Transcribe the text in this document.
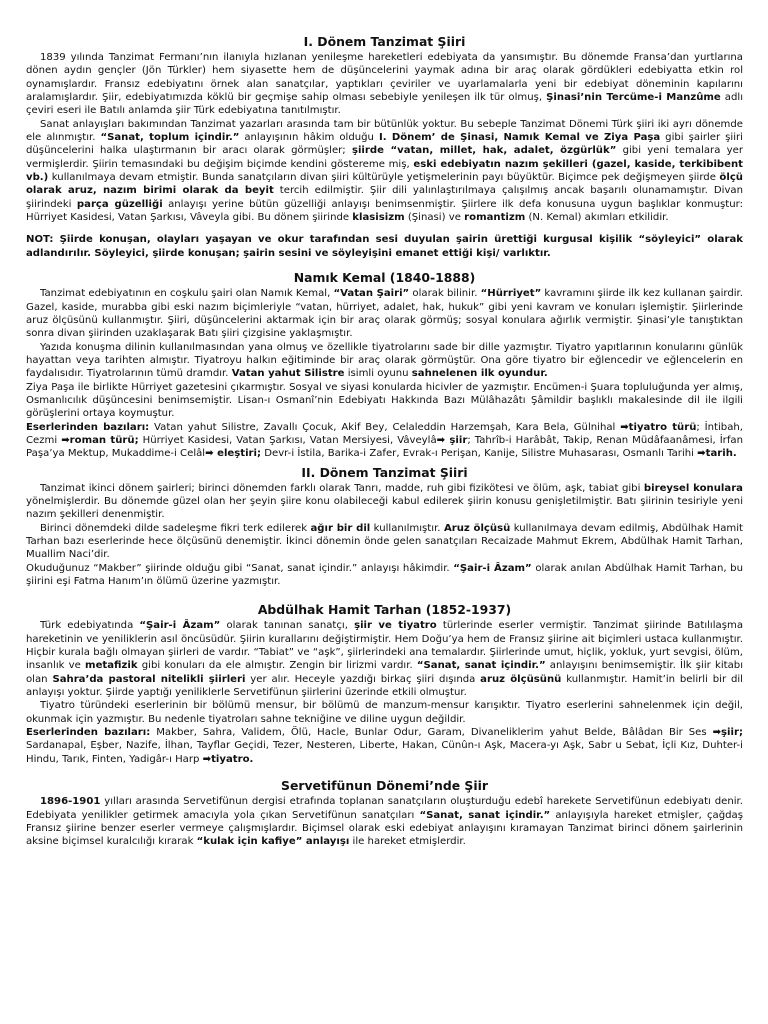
I. Dönem Tanzimat Şiiri

1839 yılında Tanzimat Fermanı’nın ilanıyla hızlanan yenileşme hareketleri edebiyata da yansımıştır. Bu dönemde Fransa’dan yurtlarına dönen aydın gençler (Jön Türkler) hem siyasette hem de düşüncelerini yaymak adına bir araç olarak gördükleri edebiyatta etkin rol oynamışlardır. Fransız edebiyatını örnek alan sanatçılar, yaptıkları çeviriler ve uyarlamalarla yeni bir edebiyat döneminin kapılarını aralamışlardır. Şiir, edebiyatımızda köklü bir geçmişe sahip olması sebebiyle yenileşen ilk tür olmuş, Şinasi’nin Tercüme-i Manzûme adlı çeviri eseri ile Batılı anlamda şiir Türk edebiyatına tanıtılmıştır.

Sanat anlayışları bakımından Tanzimat yazarları arasında tam bir bütünlük yoktur. Bu sebeple Tanzimat Dönemi Türk şiiri iki ayrı dönemde ele alınmıştır. “Sanat, toplum içindir.” anlayışının hâkim olduğu I. Dönem’ de Şinasi, Namık Kemal ve Ziya Paşa gibi şairler şiiri düşüncelerini halka ulaştırmanın bir aracı olarak görmüşler; şiirde “vatan, millet, hak, adalet, özgürlük” gibi yeni temalara yer vermişlerdir. Şiirin temasındaki bu değişim biçimde kendini göstereme miş, eski edebiyatın nazım şekilleri (gazel, kaside, terkibibent vb.) kullanılmaya devam etmiştir. Bunda sanatçıların divan şiiri kültürüyle yetişmelerinin payı büyüktür. Biçimce pek değişmeyen şiirde ölçü olarak aruz, nazım birimi olarak da beyit tercih edilmiştir. Şiir dili yalınlaştırılmaya çalışılmış ancak başarılı olunamamıştır. Divan şiirindeki parça güzelliği anlayışı yerine bütün güzelliği anlayışı benimsenmiştir. Şiirlere ilk defa konusuna uygun başlıklar konmuştur: Hürriyet Kasidesi, Vatan Şarkısı, Vâveyla gibi. Bu dönem şiirinde klasisizm (Şinasi) ve romantizm (N. Kemal) akımları etkilidir.

NOT: Şiirde konuşan, olayları yaşayan ve okur tarafından sesi duyulan şairin ürettiği kurgusal kişilik “söyleyici” olarak adlandırılır. Söyleyici, şiirde konuşan; şairin sesini ve söyleyişini emanet ettiği kişi/ varlıktır.

Namık Kemal (1840-1888)

Tanzimat edebiyatının en coşkulu şairi olan Namık Kemal, “Vatan Şairi” olarak bilinir. “Hürriyet” kavramını şiirde ilk kez kullanan şairdir. Gazel, kaside, murabba gibi eski nazım biçimleriyle “vatan, hürriyet, adalet, hak, hukuk” gibi yeni kavram ve konuları işlemiştir. Şiirlerinde aruz ölçüsünü kullanmıştır. Şiiri, düşüncelerini aktarmak için bir araç olarak görmüş; sosyal konulara ağırlık vermiştir. Şinasi’yle tanıştıktan sonra divan şiirinden uzaklaşarak Batı şiiri çizgisine yaklaşmıştır.

Yazıda konuşma dilinin kullanılmasından yana olmuş ve özellikle tiyatrolarını sade bir dille yazmıştır. Tiyatro yapıtlarının konularını günlük hayattan veya tarihten almıştır. Tiyatroyu halkın eğitiminde bir araç olarak görmüştür. Ona göre tiyatro bir eğlencedir ve eğlencelerin en faydalısıdır. Tiyatrolarının tümü dramdır. Vatan yahut Silistre isimli oyunu sahnelenen ilk oyundur.

Ziya Paşa ile birlikte Hürriyet gazetesini çıkarmıştır. Sosyal ve siyasi konularda hicivler de yazmıştır. Encümen-i Şuara topluluğunda yer almış, Osmanlıcılık düşüncesini benimsemiştir. Lisan-ı Osmanî’nin Edebiyatı Hakkında Bazı Mülâhazâtı Şâmildir başlıklı makalesinde dil ile ilgili görüşlerini ortaya koymuştur.

Eserlerinden bazıları: Vatan yahut Silistre, Zavallı Çocuk, Akif Bey, Celaleddin Harzemşah, Kara Bela, Gülnihal ➡tiyatro türü; İntibah, Cezmi ➡roman türü; Hürriyet Kasidesi, Vatan Şarkısı, Vatan Mersiyesi, Vâveylâ➡ şiir; Tahrîb-i Harâbât, Takip, Renan Müdâfaanâmesi, İrfan Paşa’ya Mektup, Mukaddime-i Celâl➡ eleştiri; Devr-i İstila, Barika-i Zafer, Evrak-ı Perişan, Kanije, Silistre Muhasarası, Osmanlı Tarihi ➡tarih.

II. Dönem Tanzimat Şiiri

Tanzimat ikinci dönem şairleri; birinci dönemden farklı olarak Tanrı, madde, ruh gibi fizikötesi ve ölüm, aşk, tabiat gibi bireysel konulara yönelmişlerdir. Bu dönemde güzel olan her şeyin şiire konu olabileceği kabul edilerek şiirin konusu genişletilmiştir. Batı şiirinin tesiriyle yeni nazım şekilleri denenmiştir.

Birinci dönemdeki dilde sadeleşme fikri terk edilerek ağır bir dil kullanılmıştır. Aruz ölçüsü kullanılmaya devam edilmiş, Abdülhak Hamit Tarhan bazı eserlerinde hece ölçüsünü denemiştir. İkinci dönemin önde gelen sanatçıları Recaizade Mahmut Ekrem, Abdülhak Hamit Tarhan, Muallim Naci’dir.

Okuduğunuz “Makber” şiirinde olduğu gibi “Sanat, sanat içindir.” anlayışı hâkimdir. “Şair-i Âzam” olarak anılan Abdülhak Hamit Tarhan, bu şiirini eşi Fatma Hanım’ın ölümü üzerine yazmıştır.

Abdülhak Hamit Tarhan (1852-1937)

Türk edebiyatında “Şair-i Âzam” olarak tanınan sanatçı, şiir ve tiyatro türlerinde eserler vermiştir. Tanzimat şiirinde Batılılaşma hareketinin ve yeniliklerin asıl öncüsüdür. Şiirin kurallarını değiştirmiştir. Hem Doğu’ya hem de Fransız şiirine ait biçimleri ustaca kullanmıştır. Hiçbir kurala bağlı olmayan şiirleri de vardır. “Tabiat” ve “aşk”, şiirlerindeki ana temalardır. Şiirlerinde umut, hiçlik, yokluk, yurt sevgisi, ölüm, insanlık ve metafizik gibi konuları da ele almıştır. Zengin bir lirizmi vardır. “Sanat, sanat içindir.” anlayışını benimsemiştir. İlk şiir kitabı olan Sahra’da pastoral nitelikli şiirleri yer alır. Heceyle yazdığı birkaç şiiri dışında aruz ölçüsünü kullanmıştır. Hamit’in belirli bir dil anlayışı yoktur. Şiirde yaptığı yeniliklerle Servetifünun şiirlerini üzerinde etkili olmuştur.

Tiyatro türündeki eserlerinin bir bölümü mensur, bir bölümü de manzum-mensur karışıktır. Tiyatro eserlerini sahnelenmek için değil, okunmak için yazmıştır. Bu nedenle tiyatroları sahne tekniğine ve diline uygun değildir.

Eserlerinden bazıları: Makber, Sahra, Validem, Ölü, Hacle, Bunlar Odur, Garam, Divaneliklerim yahut Belde, Bâlâdan Bir Ses ➡şiir; Sardanapal, Eşber, Nazife, İlhan, Tayflar Geçidi, Tezer, Nesteren, Liberte, Hakan, Cünûn-ı Aşk, Macera-yı Aşk, Sabr u Sebat, İçli Kız, Duhter-i Hindu, Tarık, Finten, Yadigâr-ı Harp ➡tiyatro.

Servetifünun Dönemi’nde Şiir

1896-1901 yılları arasında Servetifünun dergisi etrafında toplanan sanatçıların oluşturduğu edebî harekete Servetifünun edebiyatı denir. Edebiyata yenilikler getirmek amacıyla yola çıkan Servetifünun sanatçıları “Sanat, sanat içindir.” anlayışıyla hareket etmişler, çağdaş Fransız şiirine benzer eserler vermeye çalışmışlardır. Biçimsel olarak eski edebiyat anlayışını kıramayan Tanzimat birinci dönem şairlerinin aksine biçimsel kuralcılığı kırarak “kulak için kafiye” anlayışı ile hareket etmişlerdir.
